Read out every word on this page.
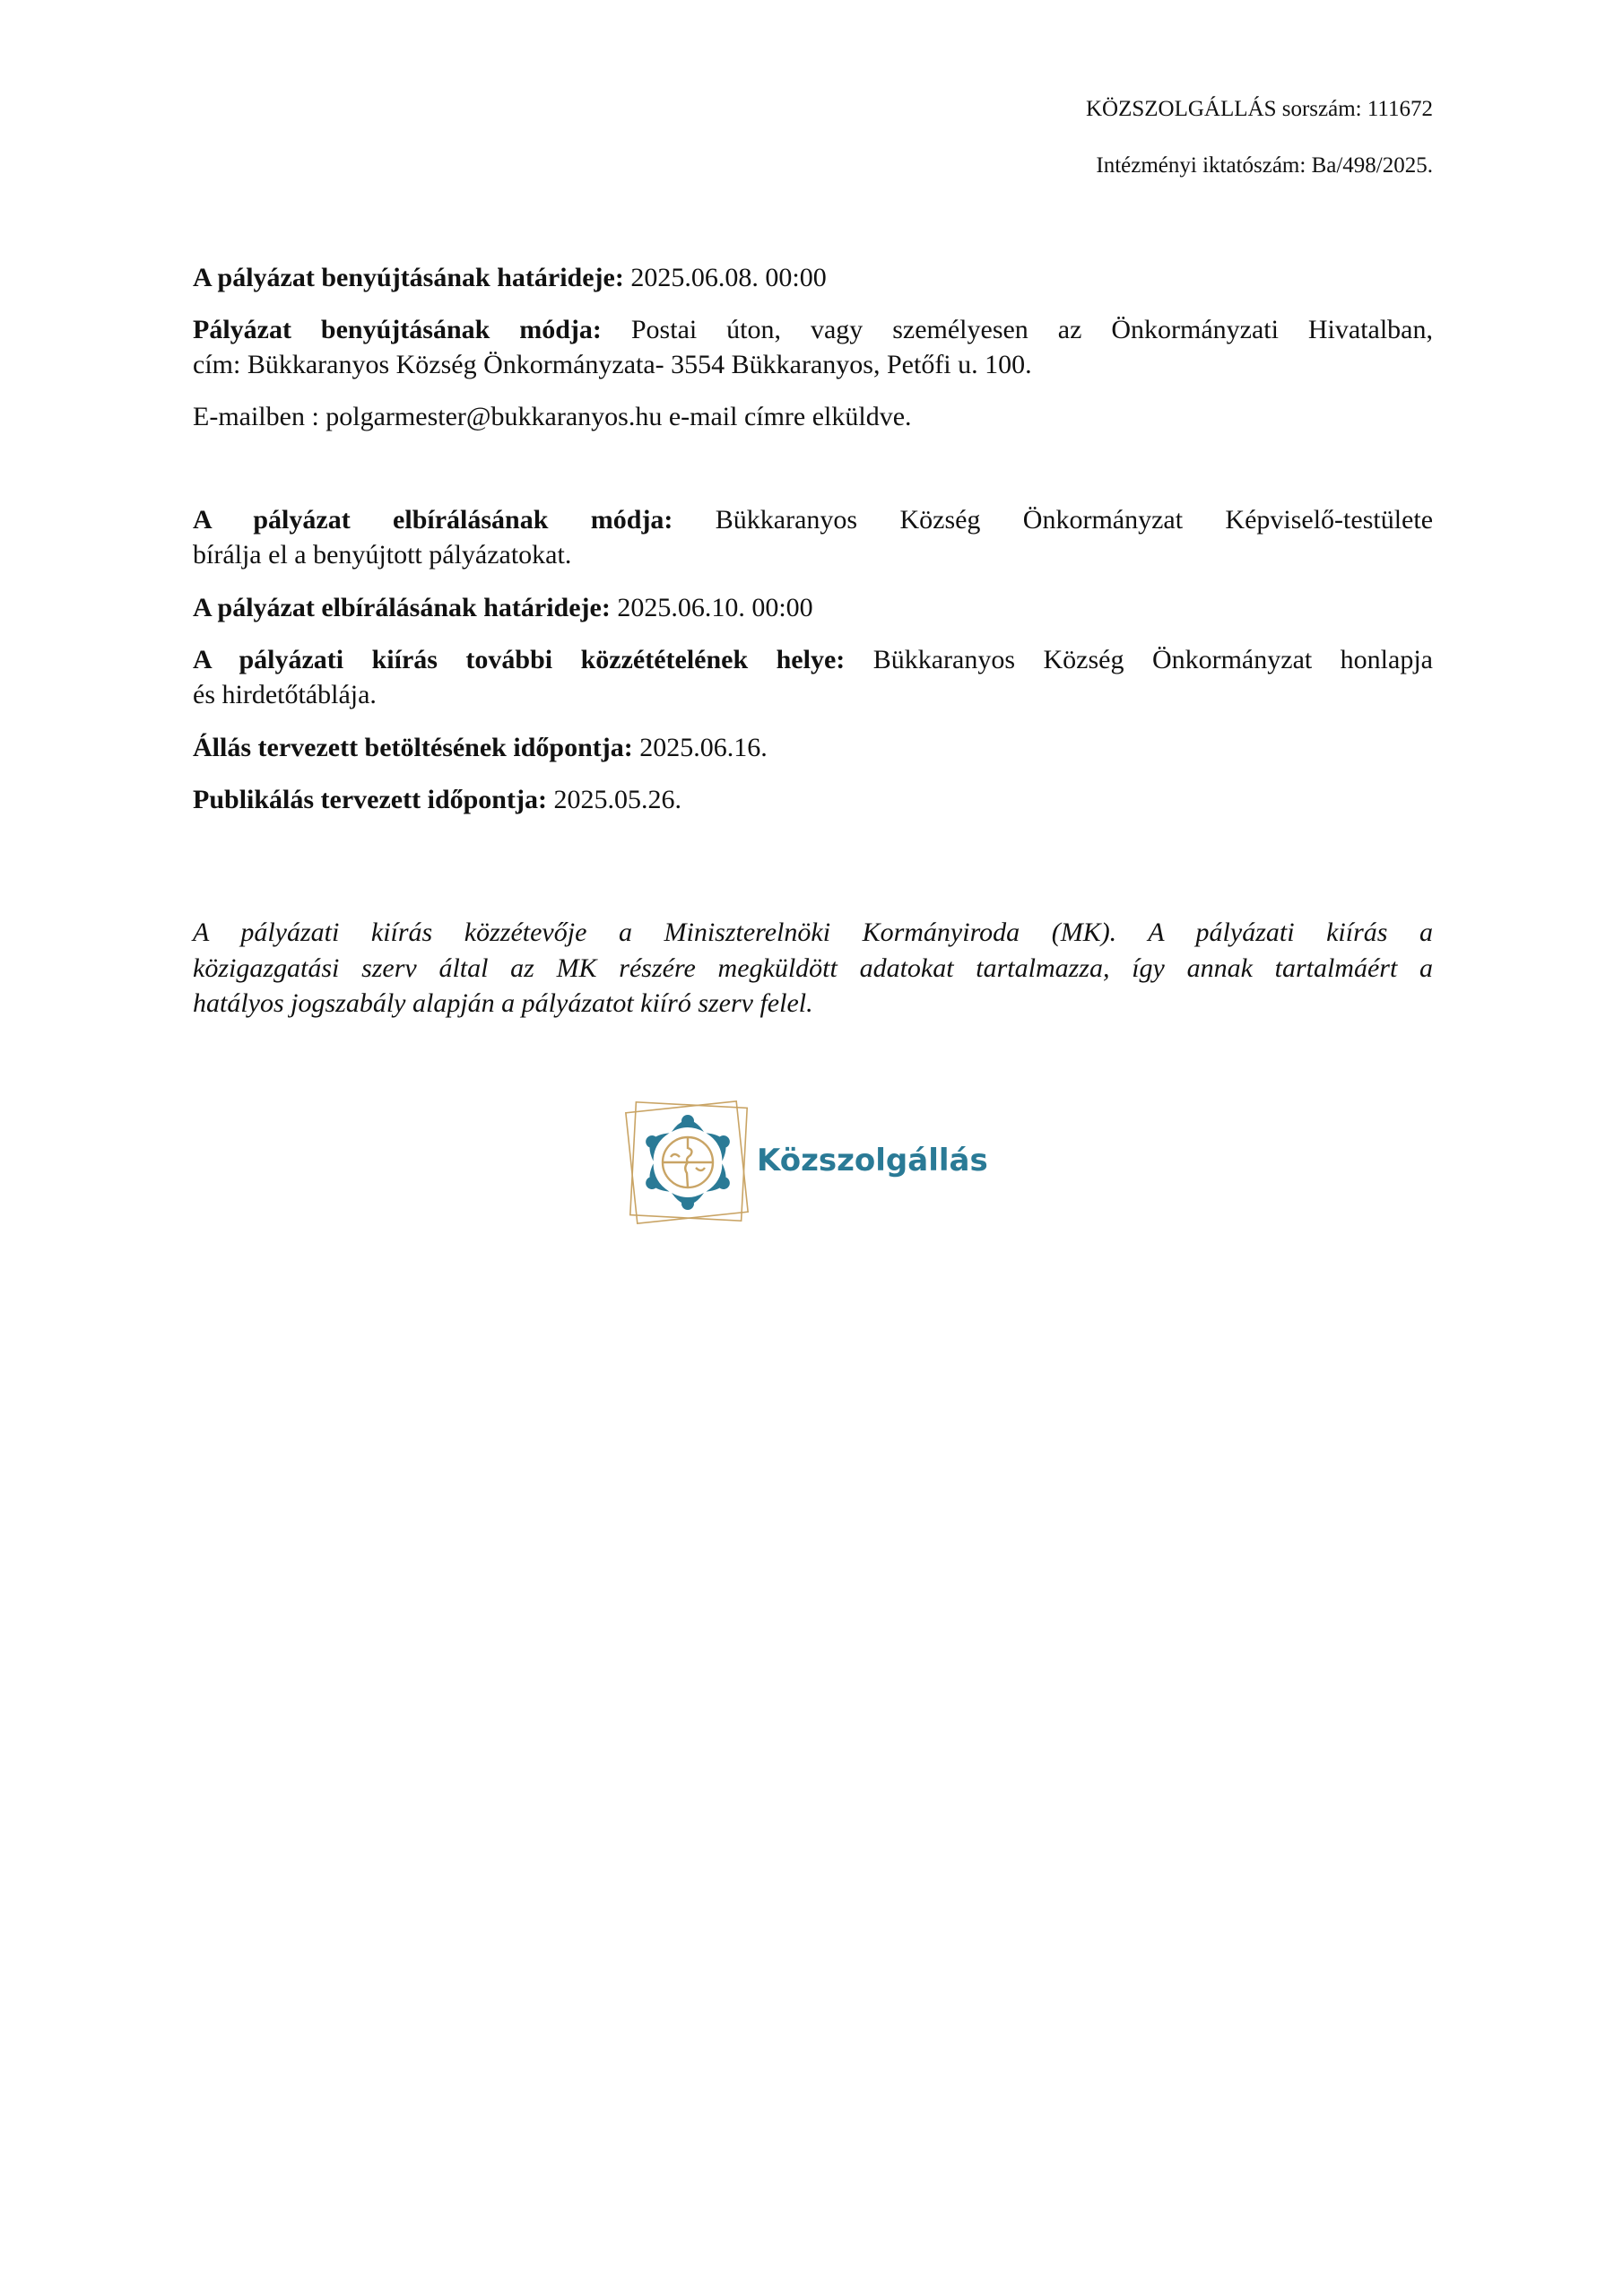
KÖZSZOLGÁLLÁS sorszám: 111672
Intézményi iktatószám: Ba/498/2025.
A pályázat benyújtásának határideje: 2025.06.08. 00:00
Pályázat benyújtásának módja: Postai úton, vagy személyesen az Önkormányzati Hivatalban,
cím: Bükkaranyos Község Önkormányzata- 3554 Bükkaranyos, Petőfi u. 100.
E-mailben : polgarmester@bukkaranyos.hu e-mail címre elküldve.
A pályázat elbírálásának módja: Bükkaranyos Község Önkormányzat Képviselő-testülete
bírálja el a benyújtott pályázatokat.
A pályázat elbírálásának határideje: 2025.06.10. 00:00
A pályázati kiírás további közzétételének helye: Bükkaranyos Község Önkormányzat honlapja
és hirdetőtáblája.
Állás tervezett betöltésének időpontja: 2025.06.16.
Publikálás tervezett időpontja: 2025.05.26.
A pályázati kiírás közzétevője a Miniszterelnöki Kormányiroda (MK). A pályázati kiírás a
közigazgatási szerv által az MK részére megküldött adatokat tartalmazza, így annak tartalmáért a
hatályos jogszabály alapján a pályázatot kiíró szerv felel.
Közszolgállás
